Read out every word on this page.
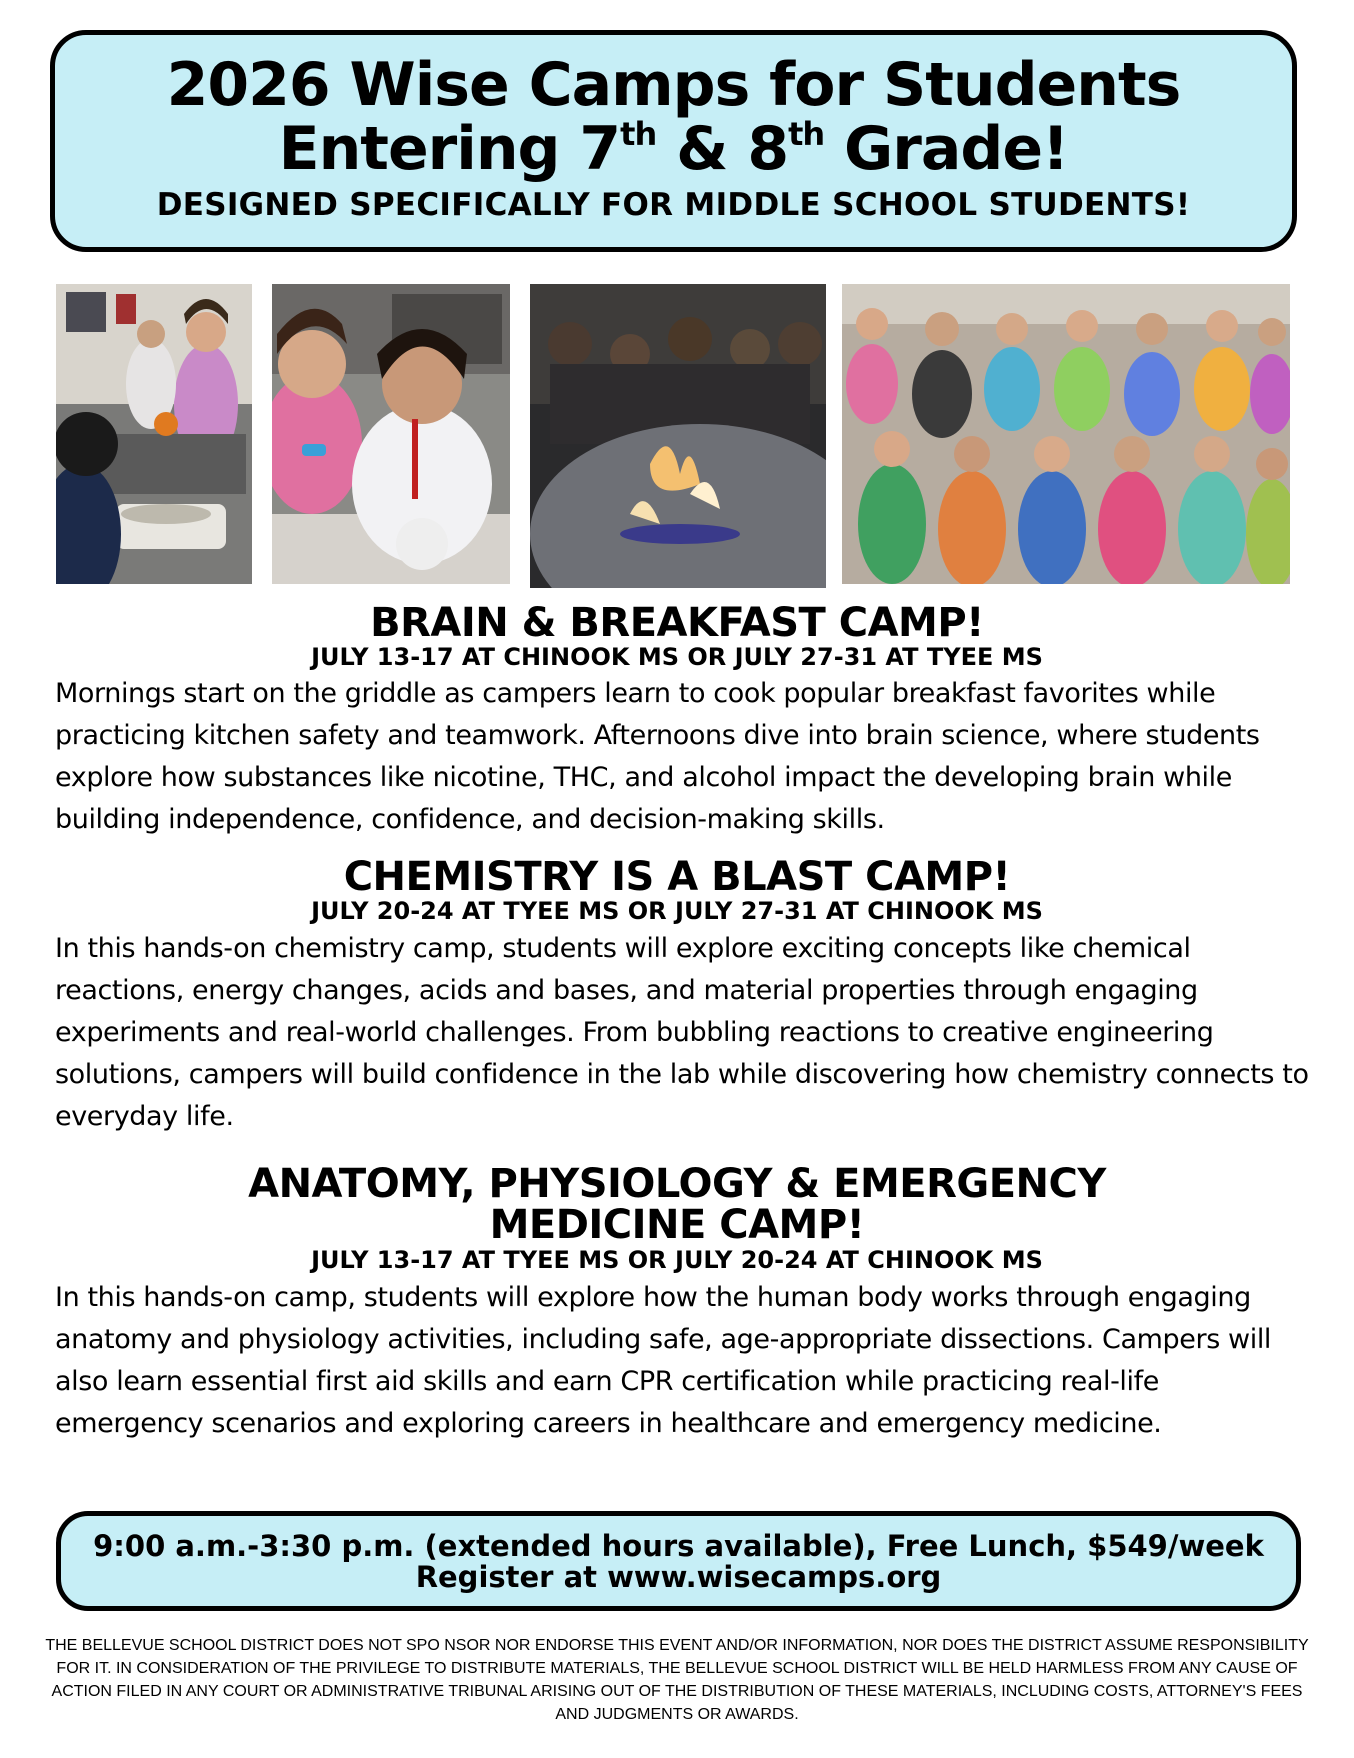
2026 Wise Camps for Students
Entering 7th & 8th Grade!
DESIGNED SPECIFICALLY FOR MIDDLE SCHOOL STUDENTS!
BRAIN & BREAKFAST CAMP!
JULY 13-17 AT CHINOOK MS OR JULY 27-31 AT TYEE MS
Mornings start on the griddle as campers learn to cook popular breakfast favorites while practicing kitchen safety and teamwork. Afternoons dive into brain science, where students explore how substances like nicotine, THC, and alcohol impact the developing brain while building independence, confidence, and decision-making skills.
CHEMISTRY IS A BLAST CAMP!
JULY 20-24 AT TYEE MS OR JULY 27-31 AT CHINOOK MS
In this hands-on chemistry camp, students will explore exciting concepts like chemical reactions, energy changes, acids and bases, and material properties through engaging experiments and real-world challenges. From bubbling reactions to creative engineering solutions, campers will build confidence in the lab while discovering how chemistry connects to everyday life.
ANATOMY, PHYSIOLOGY & EMERGENCY
MEDICINE CAMP!
JULY 13-17 AT TYEE MS OR JULY 20-24 AT CHINOOK MS
In this hands-on camp, students will explore how the human body works through engaging anatomy and physiology activities, including safe, age-appropriate dissections. Campers will also learn essential first aid skills and earn CPR certification while practicing real-life emergency scenarios and exploring careers in healthcare and emergency medicine.
9:00 a.m.-3:30 p.m. (extended hours available), Free Lunch, $549/week
Register at www.wisecamps.org
THE BELLEVUE SCHOOL DISTRICT DOES NOT SPO NSOR NOR ENDORSE THIS EVENT AND/OR INFORMATION, NOR DOES THE DISTRICT ASSUME RESPONSIBILITY FOR IT. IN CONSIDERATION OF THE PRIVILEGE TO DISTRIBUTE MATERIALS, THE BELLEVUE SCHOOL DISTRICT WILL BE HELD HARMLESS FROM ANY CAUSE OF ACTION FILED IN ANY COURT OR ADMINISTRATIVE TRIBUNAL ARISING OUT OF THE DISTRIBUTION OF THESE MATERIALS, INCLUDING COSTS, ATTORNEY'S FEES AND JUDGMENTS OR AWARDS.
